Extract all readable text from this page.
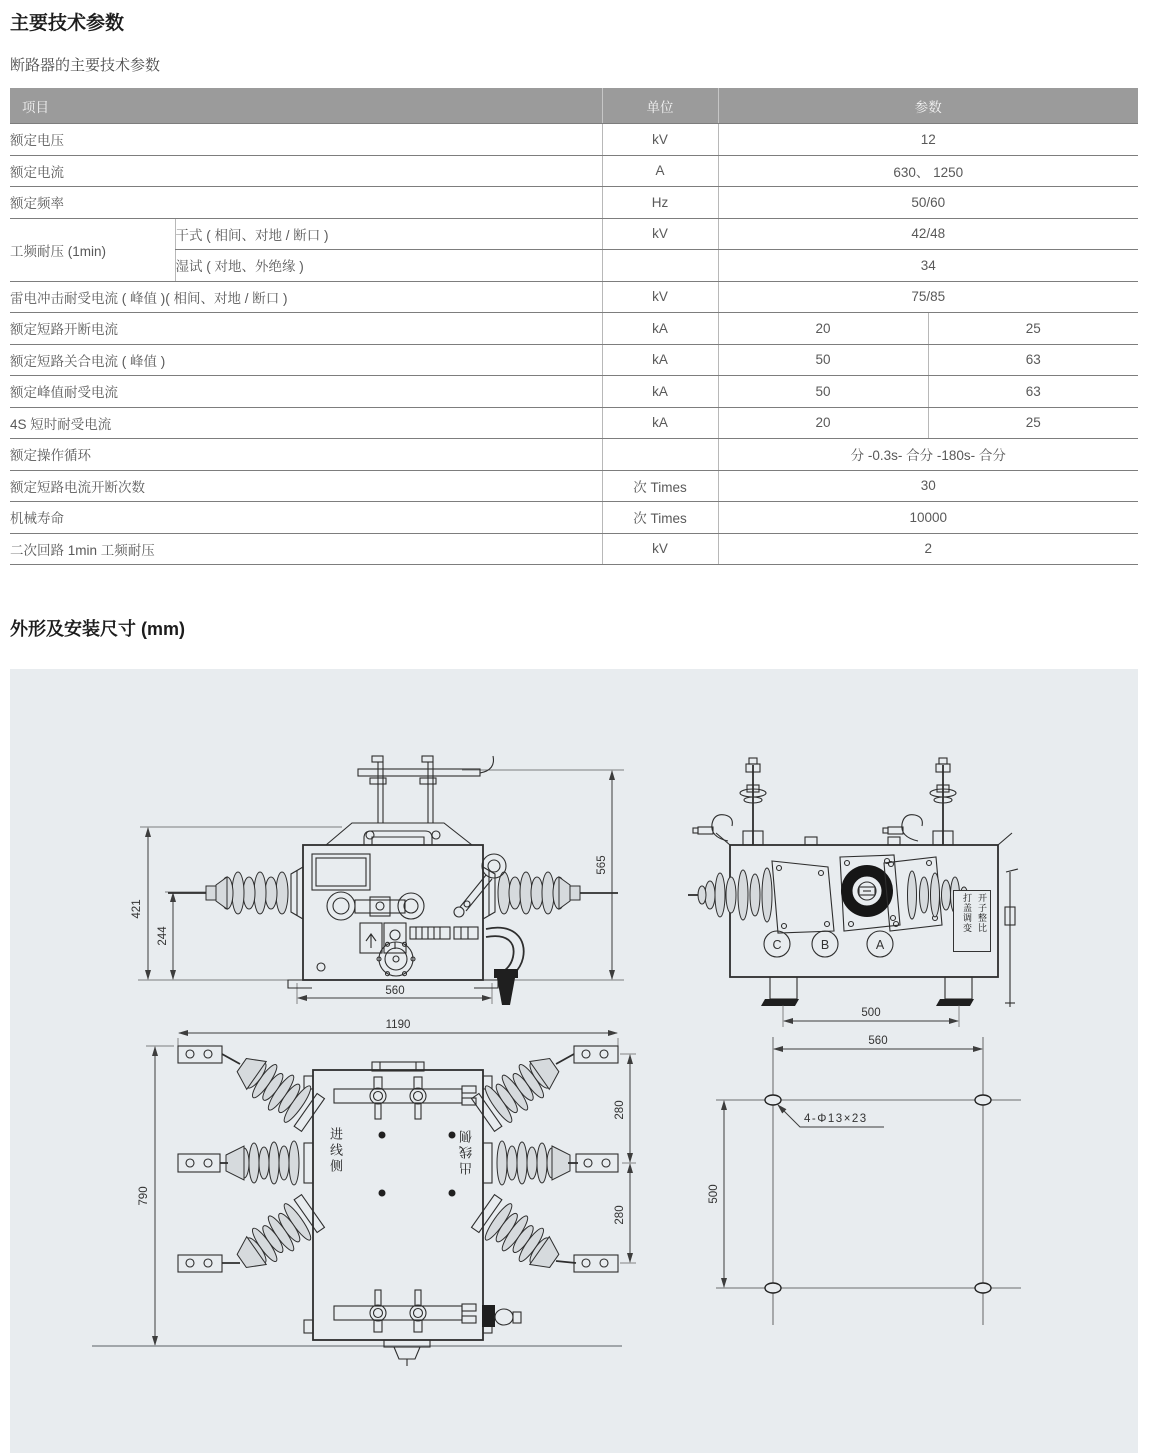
主要技术参数
断路器的主要技术参数
项目		单位	参数	
额定电压		kV	12	
额定电流		A	630、 1250	
额定频率		Hz	50/60	
工频耐压 (1min)	干式 ( 相间、对地 / 断口 )	kV	42/48	
	湿试 ( 对地、外绝缘 )		34	
雷电冲击耐受电流 ( 峰值 )( 相间、对地 / 断口 )		kV	75/85	
额定短路开断电流		kA	20	25
额定短路关合电流 ( 峰值 )		kA	50	63
额定峰值耐受电流		kA	50	63
4S 短时耐受电流		kA	20	25
额定操作循环			分 -0.3s- 合分 -180s- 合分	
额定短路电流开断次数		次 Times	30	
机械寿命		次 Times	10000	
二次回路 1min 工频耐压		kV	2	
外形及安装尺寸 (mm)
421
244
565
560
C	B	A
500
1190
790
280
280
560
500
4-Φ13×23
进线侧	出线侧
开子整比
打盖调变
